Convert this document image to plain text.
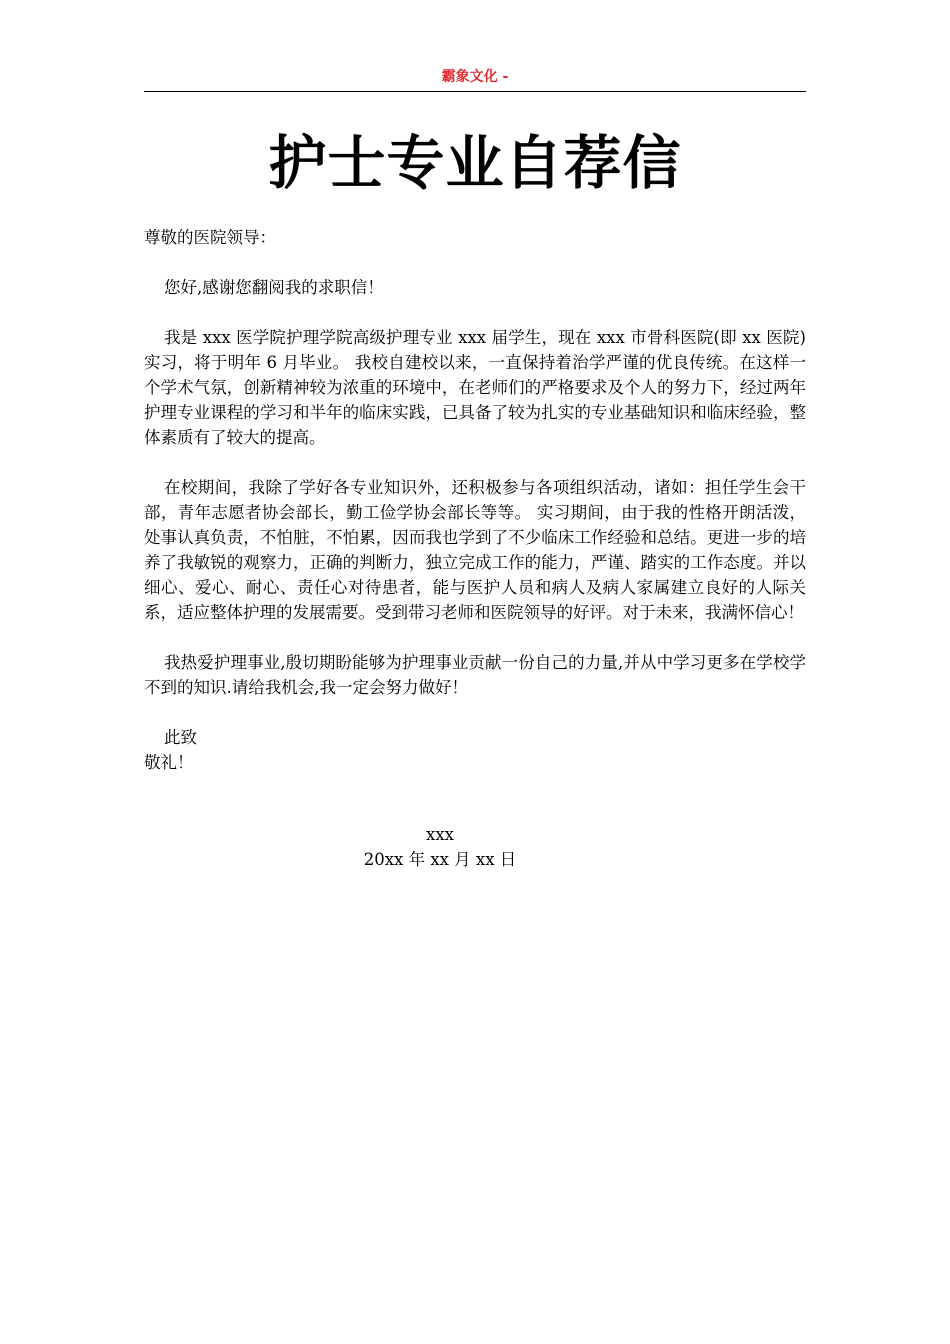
霸象文化 -
护士专业自荐信

尊敬的医院领导：

您好,感谢您翻阅我的求职信！

我是 xxx 医学院护理学院高级护理专业 xxx 届学生，现在 xxx 市骨科医院(即 xx 医院)实习，将于明年 6 月毕业。 我校自建校以来，一直保持着治学严谨的优良传统。在这样一个学术气氛，创新精神较为浓重的环境中，在老师们的严格要求及个人的努力下，经过两年护理专业课程的学习和半年的临床实践，已具备了较为扎实的专业基础知识和临床经验，整体素质有了较大的提高。

在校期间，我除了学好各专业知识外，还积极参与各项组织活动，诸如：担任学生会干部，青年志愿者协会部长，勤工俭学协会部长等等。 实习期间，由于我的性格开朗活泼，处事认真负责，不怕脏，不怕累，因而我也学到了不少临床工作经验和总结。更进一步的培养了我敏锐的观察力，正确的判断力，独立完成工作的能力，严谨、踏实的工作态度。并以细心、爱心、耐心、责任心对待患者，能与医护人员和病人及病人家属建立良好的人际关系，适应整体护理的发展需要。受到带习老师和医院领导的好评。对于未来，我满怀信心！

我热爱护理事业,殷切期盼能够为护理事业贡献一份自己的力量,并从中学习更多在学校学不到的知识.请给我机会,我一定会努力做好！

此致

敬礼！

xxx
20xx 年 xx 月 xx 日
